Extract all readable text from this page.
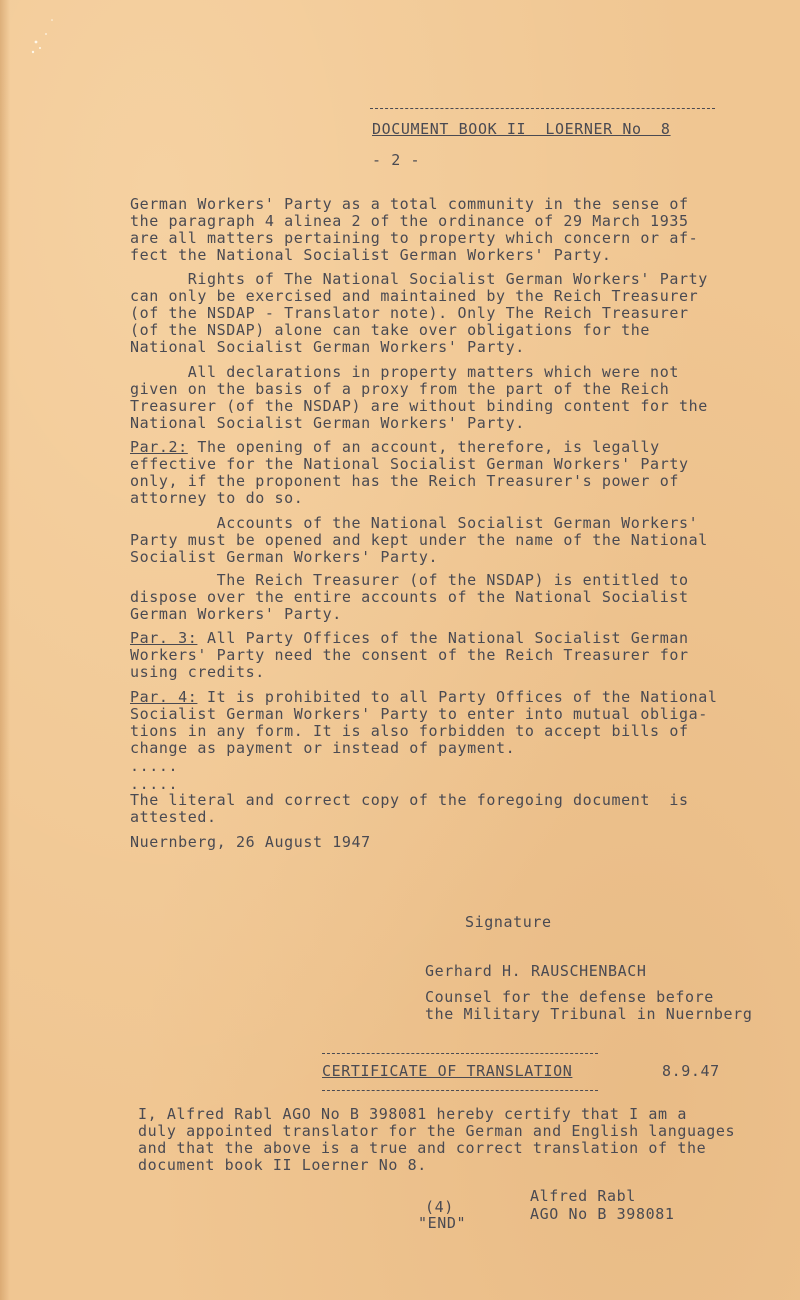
DOCUMENT BOOK II  LOERNER No  8
- 2 -
German Workers' Party as a total community in the sense of
the paragraph 4 alinea 2 of the ordinance of 29 March 1935
are all matters pertaining to property which concern or af-
fect the National Socialist German Workers' Party.
Rights of The National Socialist German Workers' Party
can only be exercised and maintained by the Reich Treasurer
(of the NSDAP - Translator note). Only The Reich Treasurer
(of the NSDAP) alone can take over obligations for the
National Socialist German Workers' Party.
All declarations in property matters which were not
given on the basis of a proxy from the part of the Reich
Treasurer (of the NSDAP) are without binding content for the
National Socialist German Workers' Party.
Par.2: The opening of an account, therefore, is legally
effective for the National Socialist German Workers' Party
only, if the proponent has the Reich Treasurer's power of
attorney to do so.
Accounts of the National Socialist German Workers'
Party must be opened and kept under the name of the National
Socialist German Workers' Party.
The Reich Treasurer (of the NSDAP) is entitled to
dispose over the entire accounts of the National Socialist
German Workers' Party.
Par. 3: All Party Offices of the National Socialist German
Workers' Party need the consent of the Reich Treasurer for
using credits.
Par. 4: It is prohibited to all Party Offices of the National
Socialist German Workers' Party to enter into mutual obliga-
tions in any form. It is also forbidden to accept bills of
change as payment or instead of payment.
.....
.....
The literal and correct copy of the foregoing document  is
attested.
Nuernberg, 26 August 1947
Signature
Gerhard H. RAUSCHENBACH
Counsel for the defense before
the Military Tribunal in Nuernberg
CERTIFICATE OF TRANSLATION	8.9.47
I, Alfred Rabl AGO No B 398081 hereby certify that I am a
duly appointed translator for the German and English languages
and that the above is a true and correct translation of the
document book II Loerner No 8.
Alfred Rabl
AGO No B 398081
(4)
"END"
